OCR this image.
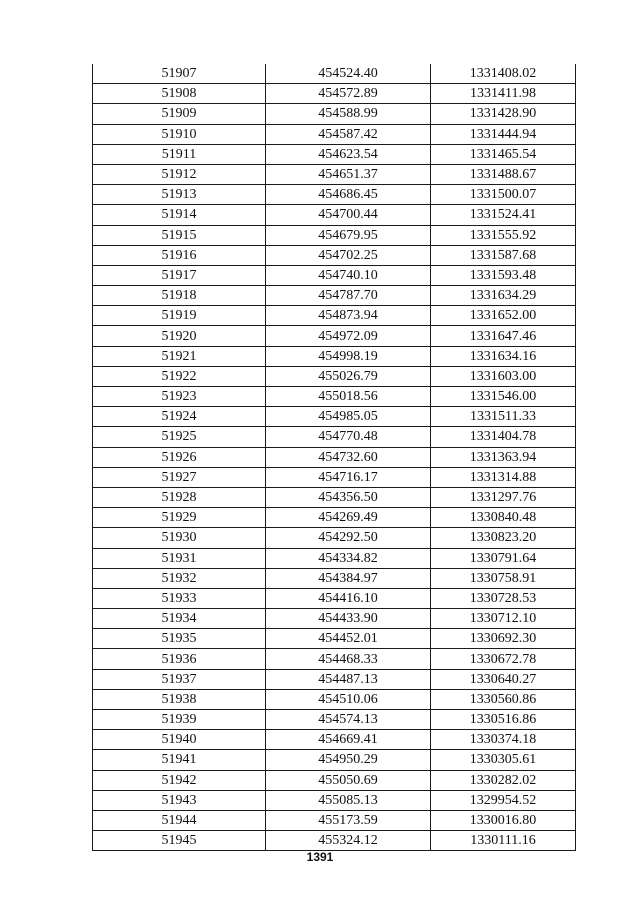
51907	454524.40	1331408.02
51908	454572.89	1331411.98
51909	454588.99	1331428.90
51910	454587.42	1331444.94
51911	454623.54	1331465.54
51912	454651.37	1331488.67
51913	454686.45	1331500.07
51914	454700.44	1331524.41
51915	454679.95	1331555.92
51916	454702.25	1331587.68
51917	454740.10	1331593.48
51918	454787.70	1331634.29
51919	454873.94	1331652.00
51920	454972.09	1331647.46
51921	454998.19	1331634.16
51922	455026.79	1331603.00
51923	455018.56	1331546.00
51924	454985.05	1331511.33
51925	454770.48	1331404.78
51926	454732.60	1331363.94
51927	454716.17	1331314.88
51928	454356.50	1331297.76
51929	454269.49	1330840.48
51930	454292.50	1330823.20
51931	454334.82	1330791.64
51932	454384.97	1330758.91
51933	454416.10	1330728.53
51934	454433.90	1330712.10
51935	454452.01	1330692.30
51936	454468.33	1330672.78
51937	454487.13	1330640.27
51938	454510.06	1330560.86
51939	454574.13	1330516.86
51940	454669.41	1330374.18
51941	454950.29	1330305.61
51942	455050.69	1330282.02
51943	455085.13	1329954.52
51944	455173.59	1330016.80
51945	455324.12	1330111.16
1391
